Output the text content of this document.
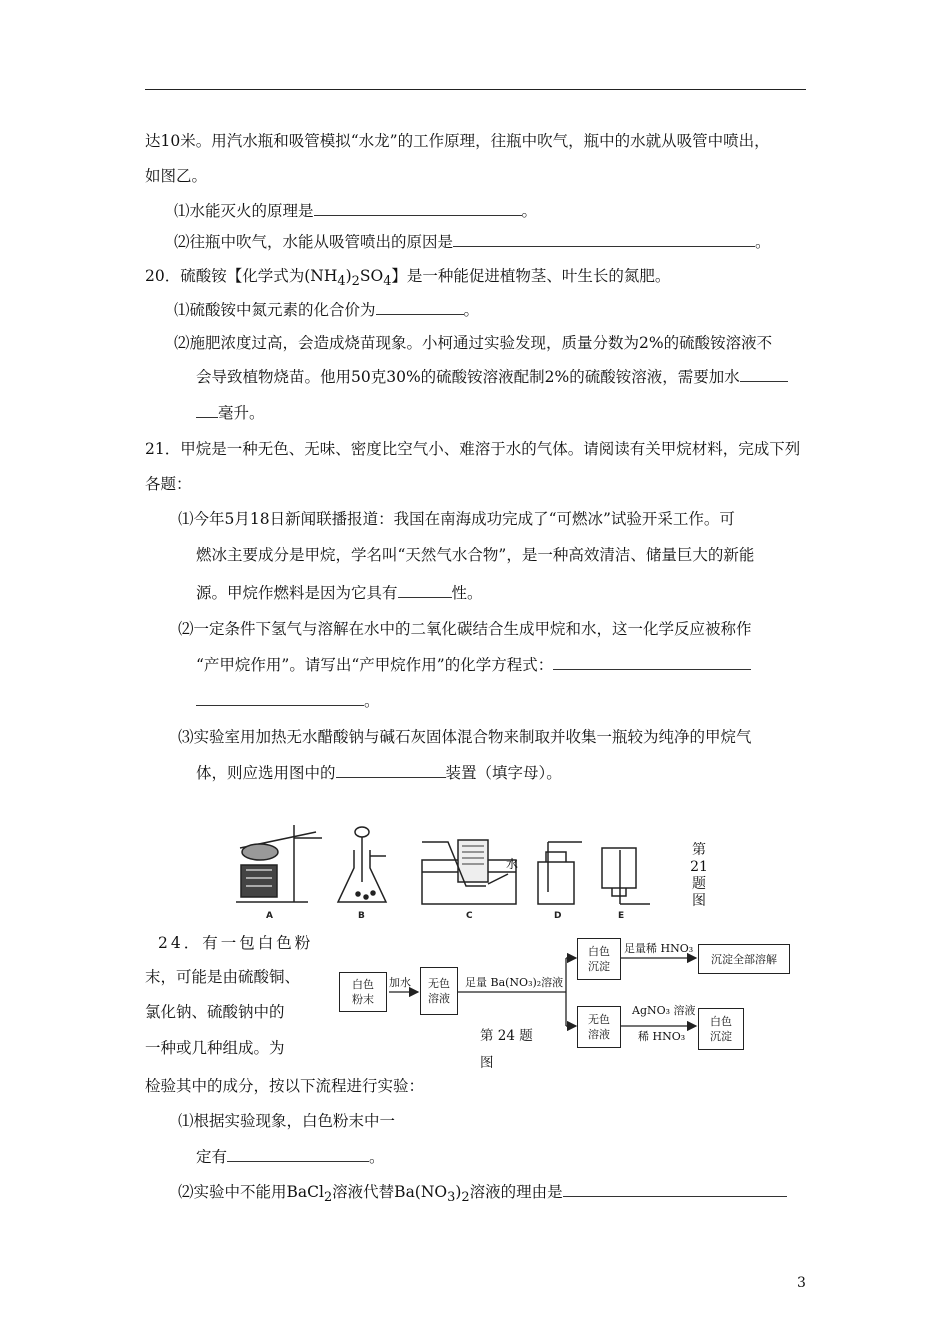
达10米。用汽水瓶和吸管模拟“水龙”的工作原理，往瓶中吹气，瓶中的水就从吸管中喷出，
如图乙。
⑴水能灭火的原理是	。
⑵往瓶中吹气，水能从吸管喷出的原因是	。
20．硫酸铵【化学式为$(NH_4)_2SO_4$】是一种能促进植物茎、叶生长的氮肥。
⑴硫酸铵中氮元素的化合价为	。
⑵施肥浓度过高，会造成烧苗现象。小柯通过实验发现，质量分数为2%的硫酸铵溶液不
会导致植物烧苗。他用50克30%的硫酸铵溶液配制2%的硫酸铵溶液，需要加水
毫升。
21．甲烷是一种无色、无味、密度比空气小、难溶于水的气体。请阅读有关甲烷材料，完成下列
各题：
⑴今年5月18日新闻联播报道：我国在南海成功完成了“可燃冰”试验开采工作。可
燃冰主要成分是甲烷，学名叫“天然气水合物”，是一种高效清洁、储量巨大的新能
源。甲烷作燃料是因为它具有	性。
⑵一定条件下氢气与溶解在水中的二氧化碳结合生成甲烷和水，这一化学反应被称作
“产甲烷作用”。请写出“产甲烷作用”的化学方程式：
。
⑶实验室用加热无水醋酸钠与碱石灰固体混合物来制取并收集一瓶较为纯净的甲烷气
体，则应选用图中的	装置（填字母）。
水
A	B	C	D	E
第21题图
24．有一包白色粉
末，可能是由硫酸铜、
氯化钠、硫酸钠中的
一种或几种组成。为
检验其中的成分，按以下流程进行实验：
白色
粉末
加水 无色
溶液
足量 Ba(NO₃)₂溶液
白色
沉淀
足量稀 HNO₃
沉淀全部溶解
无色
溶液
AgNO₃ 溶液
稀 HNO₃
白色
沉淀
第 24 题
图
⑴根据实验现象，白色粉末中一
定有	。
⑵实验中不能用BaCl$_2$溶液代替$Ba(NO_3)_2$溶液的理由是
3
